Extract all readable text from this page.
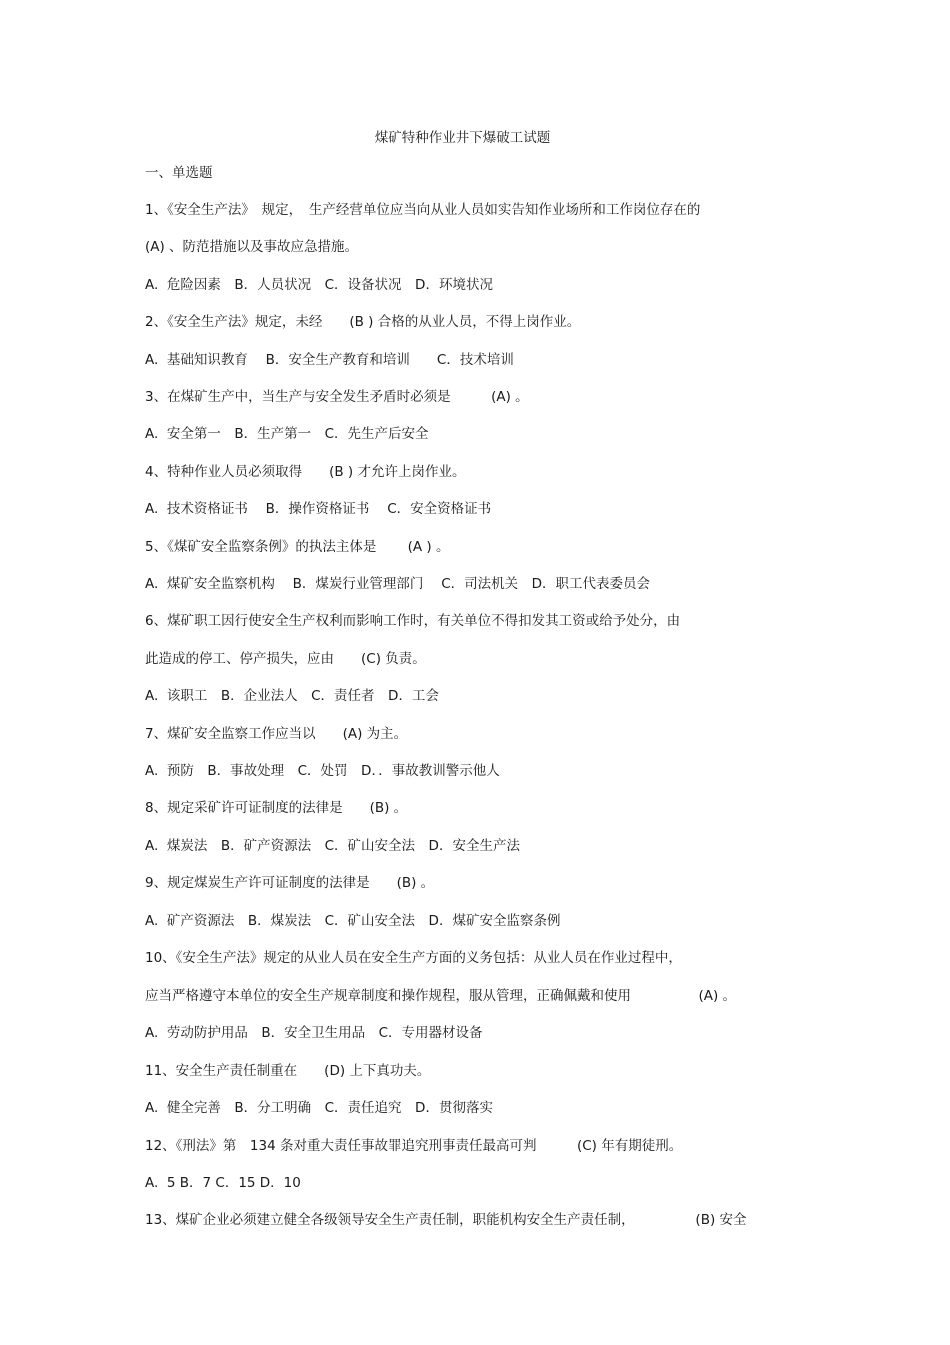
煤矿特种作业井下爆破工试题
一、单选题
1、《安全生产法》　规定，　生产经营单位应当向从业人员如实告知作业场所和工作岗位存在的
(A) 、防范措施以及事故应急措施。
A.  危险因素　B．人员状况　C．设备状况　D．环境状况
2、《安全生产法》规定，未经　　(B ) 合格的从业人员，不得上岗作业。
A.  基础知识教育　 B．安全生产教育和培训　　C．技术培训
3、在煤矿生产中，当生产与安全发生矛盾时必须是　　　(A) 。
A.  安全第一　B．生产第一　C．先生产后安全
4、特种作业人员必须取得　　(B ) 才允许上岗作业。
A.  技术资格证书　 B．操作资格证书　 C．安全资格证书
5、《煤矿安全监察条例》的执法主体是　　 (A ) 。
A.  煤矿安全监察机构　 B．煤炭行业管理部门　 C．司法机关　D．职工代表委员会
6、煤矿职工因行使安全生产权利而影响工作时，有关单位不得扣发其工资或给予处分，由
此造成的停工、停产损失，应由　　(C) 负责。
A.  该职工　B．企业法人　C．责任者　D．工会
7、煤矿安全监察工作应当以　　(A) 为主。
A.  预防　B．事故处理　C．处罚　D．．事故教训警示他人
8、规定采矿许可证制度的法律是　　(B) 。
A.  煤炭法　B．矿产资源法　C．矿山安全法　D．安全生产法
9、规定煤炭生产许可证制度的法律是　　(B) 。
A.  矿产资源法　B．煤炭法　C．矿山安全法　D．煤矿安全监察条例
10、《安全生产法》规定的从业人员在安全生产方面的义务包括：从业人员在作业过程中，
应当严格遵守本单位的安全生产规章制度和操作规程，服从管理，正确佩戴和使用　　　　　(A) 。
A.  劳动防护用品　B．安全卫生用品　C．专用器材设备
11、安全生产责任制重在　　(D) 上下真功夫。
A.  健全完善　B．分工明确　C．责任追究　D．贯彻落实
12、《刑法》第　134 条对重大责任事故罪追究刑事责任最高可判　　　(C) 年有期徒刑。
A.  5 B．7 C．15 D．10
13、煤矿企业必须建立健全各级领导安全生产责任制，职能机构安全生产责任制，　　　　　(B) 安全
